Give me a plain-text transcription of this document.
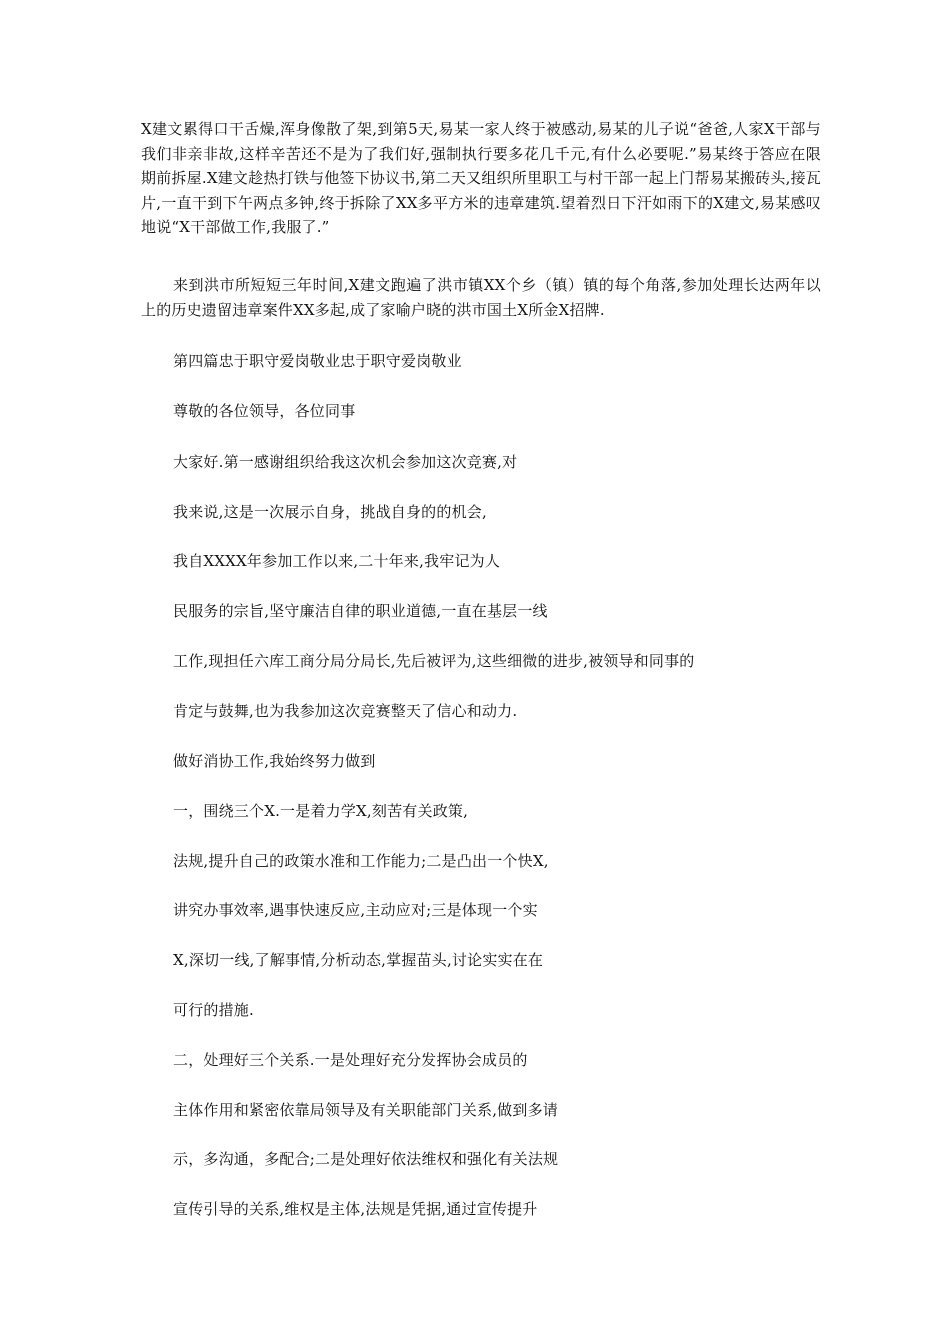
X建文累得口干舌燥,浑身像散了架,到第5天,易某一家人终于被感动,易某的儿子说“爸爸,人家X干部与我们非亲非故,这样辛苦还不是为了我们好,强制执行要多花几千元,有什么必要呢.”易某终于答应在限期前拆屋.X建文趁热打铁与他签下协议书,第二天又组织所里职工与村干部一起上门帮易某搬砖头,接瓦片,一直干到下午两点多钟,终于拆除了XX多平方米的违章建筑.望着烈日下汗如雨下的X建文,易某感叹地说“X干部做工作,我服了.”

来到洪市所短短三年时间,X建文跑遍了洪市镇XX个乡（镇）镇的每个角落,参加处理长达两年以上的历史遗留违章案件XX多起,成了家喻户晓的洪市国土X所金X招牌.

第四篇忠于职守爱岗敬业忠于职守爱岗敬业

尊敬的各位领导，各位同事

大家好.第一感谢组织给我这次机会参加这次竞赛,对

我来说,这是一次展示自身，挑战自身的的机会,

我自XXXX年参加工作以来,二十年来,我牢记为人

民服务的宗旨,坚守廉洁自律的职业道德,一直在基层一线

工作,现担任六库工商分局分局长,先后被评为,这些细微的进步,被领导和同事的

肯定与鼓舞,也为我参加这次竞赛整天了信心和动力.

做好消协工作,我始终努力做到

一，围绕三个X.一是着力学X,刻苦有关政策,

法规,提升自己的政策水准和工作能力;二是凸出一个快X,

讲究办事效率,遇事快速反应,主动应对;三是体现一个实

X,深切一线,了解事情,分析动态,掌握苗头,讨论实实在在

可行的措施.

二，处理好三个关系.一是处理好充分发挥协会成员的

主体作用和紧密依靠局领导及有关职能部门关系,做到多请

示，多沟通，多配合;二是处理好依法维权和强化有关法规

宣传引导的关系,维权是主体,法规是凭据,通过宣传提升
